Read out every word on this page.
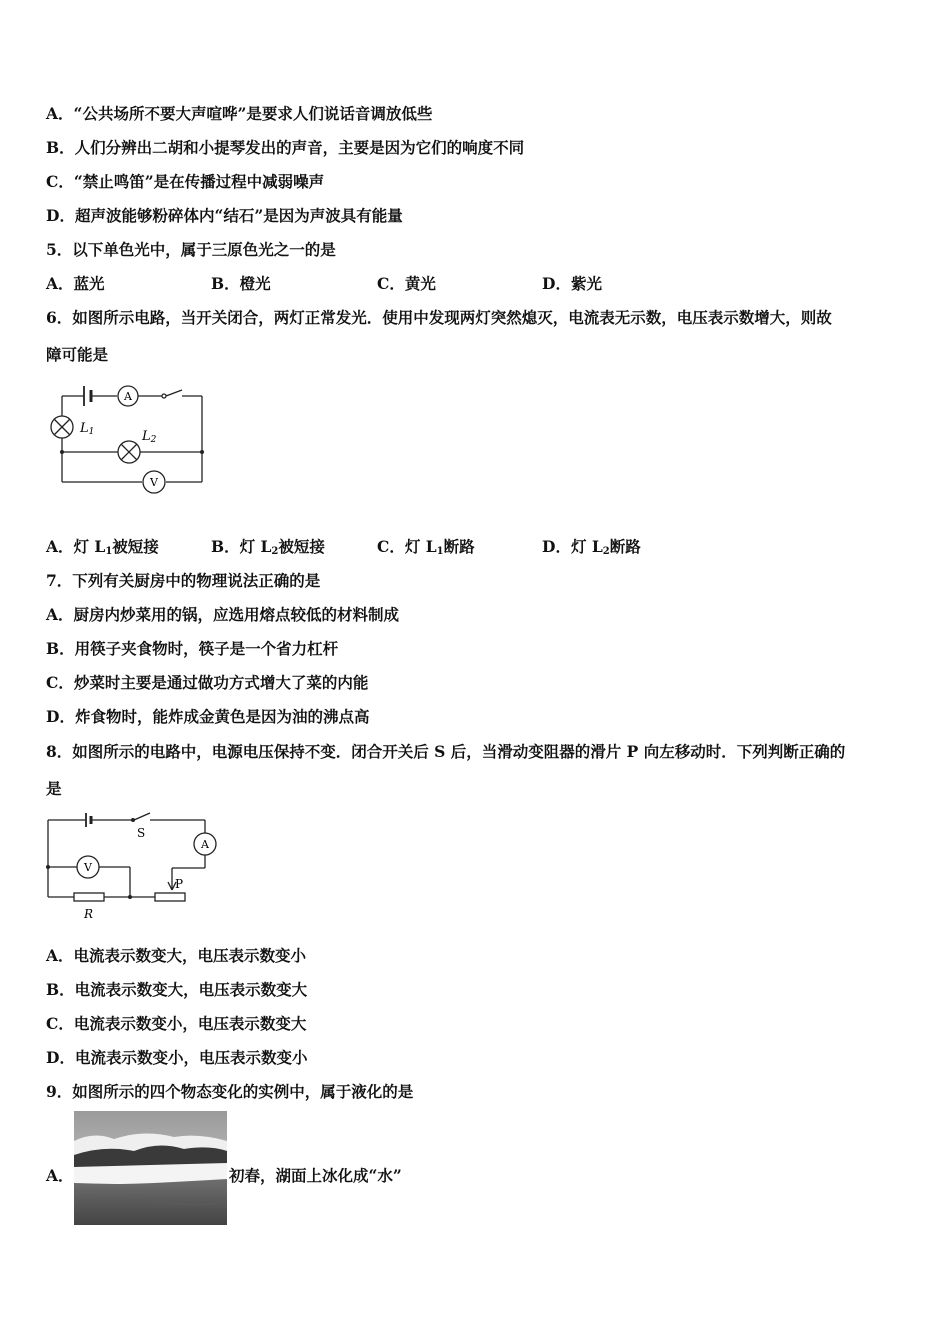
A．“公共场所不要大声喧哗”是要求人们说话音调放低些
B．人们分辨出二胡和小提琴发出的声音，主要是因为它们的响度不同
C．“禁止鸣笛”是在传播过程中减弱噪声
D．超声波能够粉碎体内“结石”是因为声波具有能量
5．以下单色光中，属于三原色光之一的是
A．蓝光	B．橙光	C．黄光	D．紫光
6．如图所示电路，当开关闭合，两灯正常发光．使用中发现两灯突然熄灭，电流表无示数，电压表示数增大，则故
障可能是
A
V
L1	L2
A．灯 $L_1$被短接	B．灯 $L_2$被短接	C．灯 $L_1$断路	D．灯 $L_2$断路
7．下列有关厨房中的物理说法正确的是
A．厨房内炒菜用的锅，应选用熔点较低的材料制成
B．用筷子夹食物时，筷子是一个省力杠杆
C．炒菜时主要是通过做功方式增大了菜的内能
D．炸食物时，能炸成金黄色是因为油的沸点高
8．如图所示的电路中，电源电压保持不变．闭合开关后 S 后，当滑动变阻器的滑片 P 向左移动时．下列判断正确的
是
S
A
V
P
R
A．电流表示数变大，电压表示数变小
B．电流表示数变大，电压表示数变大
C．电流表示数变小，电压表示数变大
D．电流表示数变小，电压表示数变小
9．如图所示的四个物态变化的实例中，属于液化的是
A．	初春，湖面上冰化成“水”
